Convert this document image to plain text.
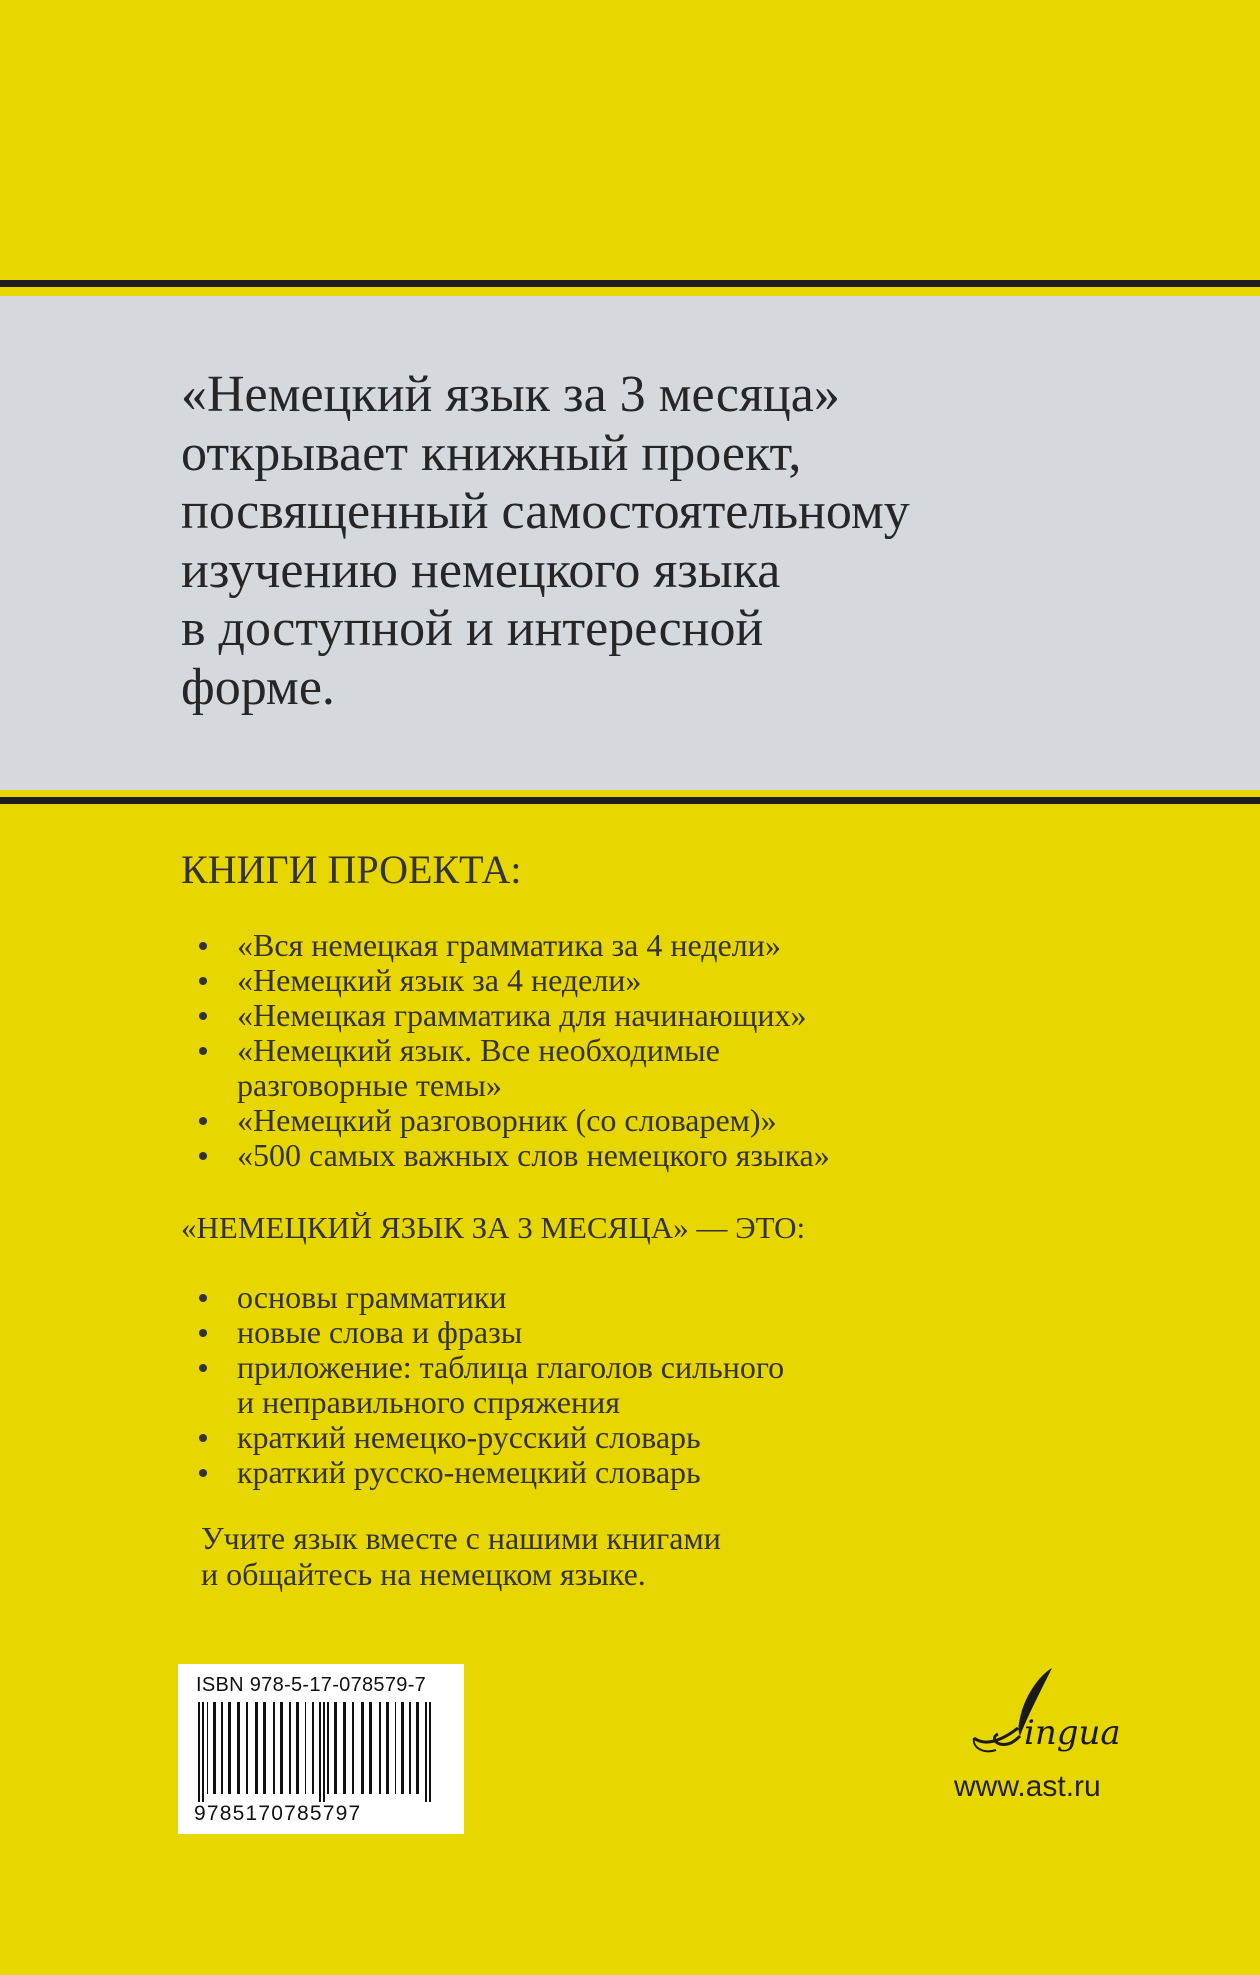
«Немецкий язык за 3 месяца»
открывает книжный проект,
посвященный самостоятельному
изучению немецкого языка
в доступной и интересной
форме.
КНИГИ ПРОЕКТА:
«Вся немецкая грамматика за 4 недели»
«Немецкий язык за 4 недели»
«Немецкая грамматика для начинающих»
«Немецкий язык. Все необходимые
разговорные темы»
«Немецкий разговорник (со словарем)»
«500 самых важных слов немецкого языка»
«НЕМЕЦКИЙ ЯЗЫК ЗА 3 МЕСЯЦА» — ЭТО:
основы грамматики
новые слова и фразы
приложение: таблица глаголов сильного
и неправильного спряжения
краткий немецко-русский словарь
краткий русско-немецкий словарь
Учите язык вместе с нашими книгами
и общайтесь на немецком языке.
ISBN 978-5-17-078579-7
9785170785797
ingua
www.ast.ru
